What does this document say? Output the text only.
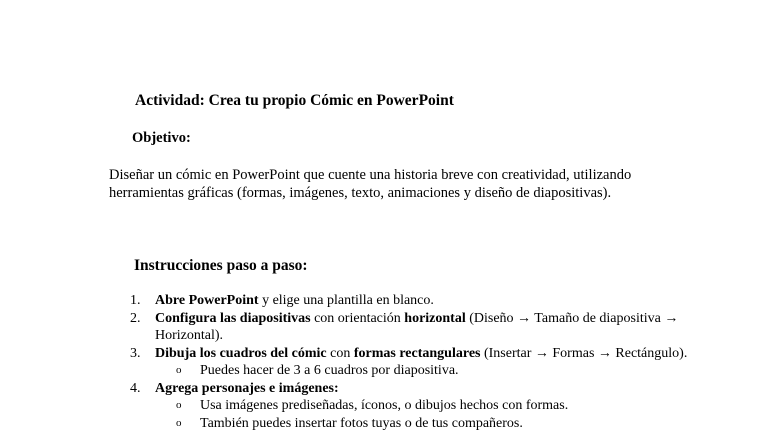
Actividad: Crea tu propio Cómic en PowerPoint
Objetivo:
Diseñar un cómic en PowerPoint que cuente una historia breve con creatividad, utilizando herramientas gráficas (formas, imágenes, texto, animaciones y diseño de diapositivas).
Instrucciones paso a paso:
1. Abre PowerPoint y elige una plantilla en blanco.
2. Configura las diapositivas con orientación horizontal (Diseño → Tamaño de diapositiva → Horizontal).
3. Dibuja los cuadros del cómic con formas rectangulares (Insertar → Formas → Rectángulo).
o Puedes hacer de 3 a 6 cuadros por diapositiva.
4. Agrega personajes e imágenes:
o Usa imágenes prediseñadas, íconos, o dibujos hechos con formas.
o También puedes insertar fotos tuyas o de tus compañeros.
